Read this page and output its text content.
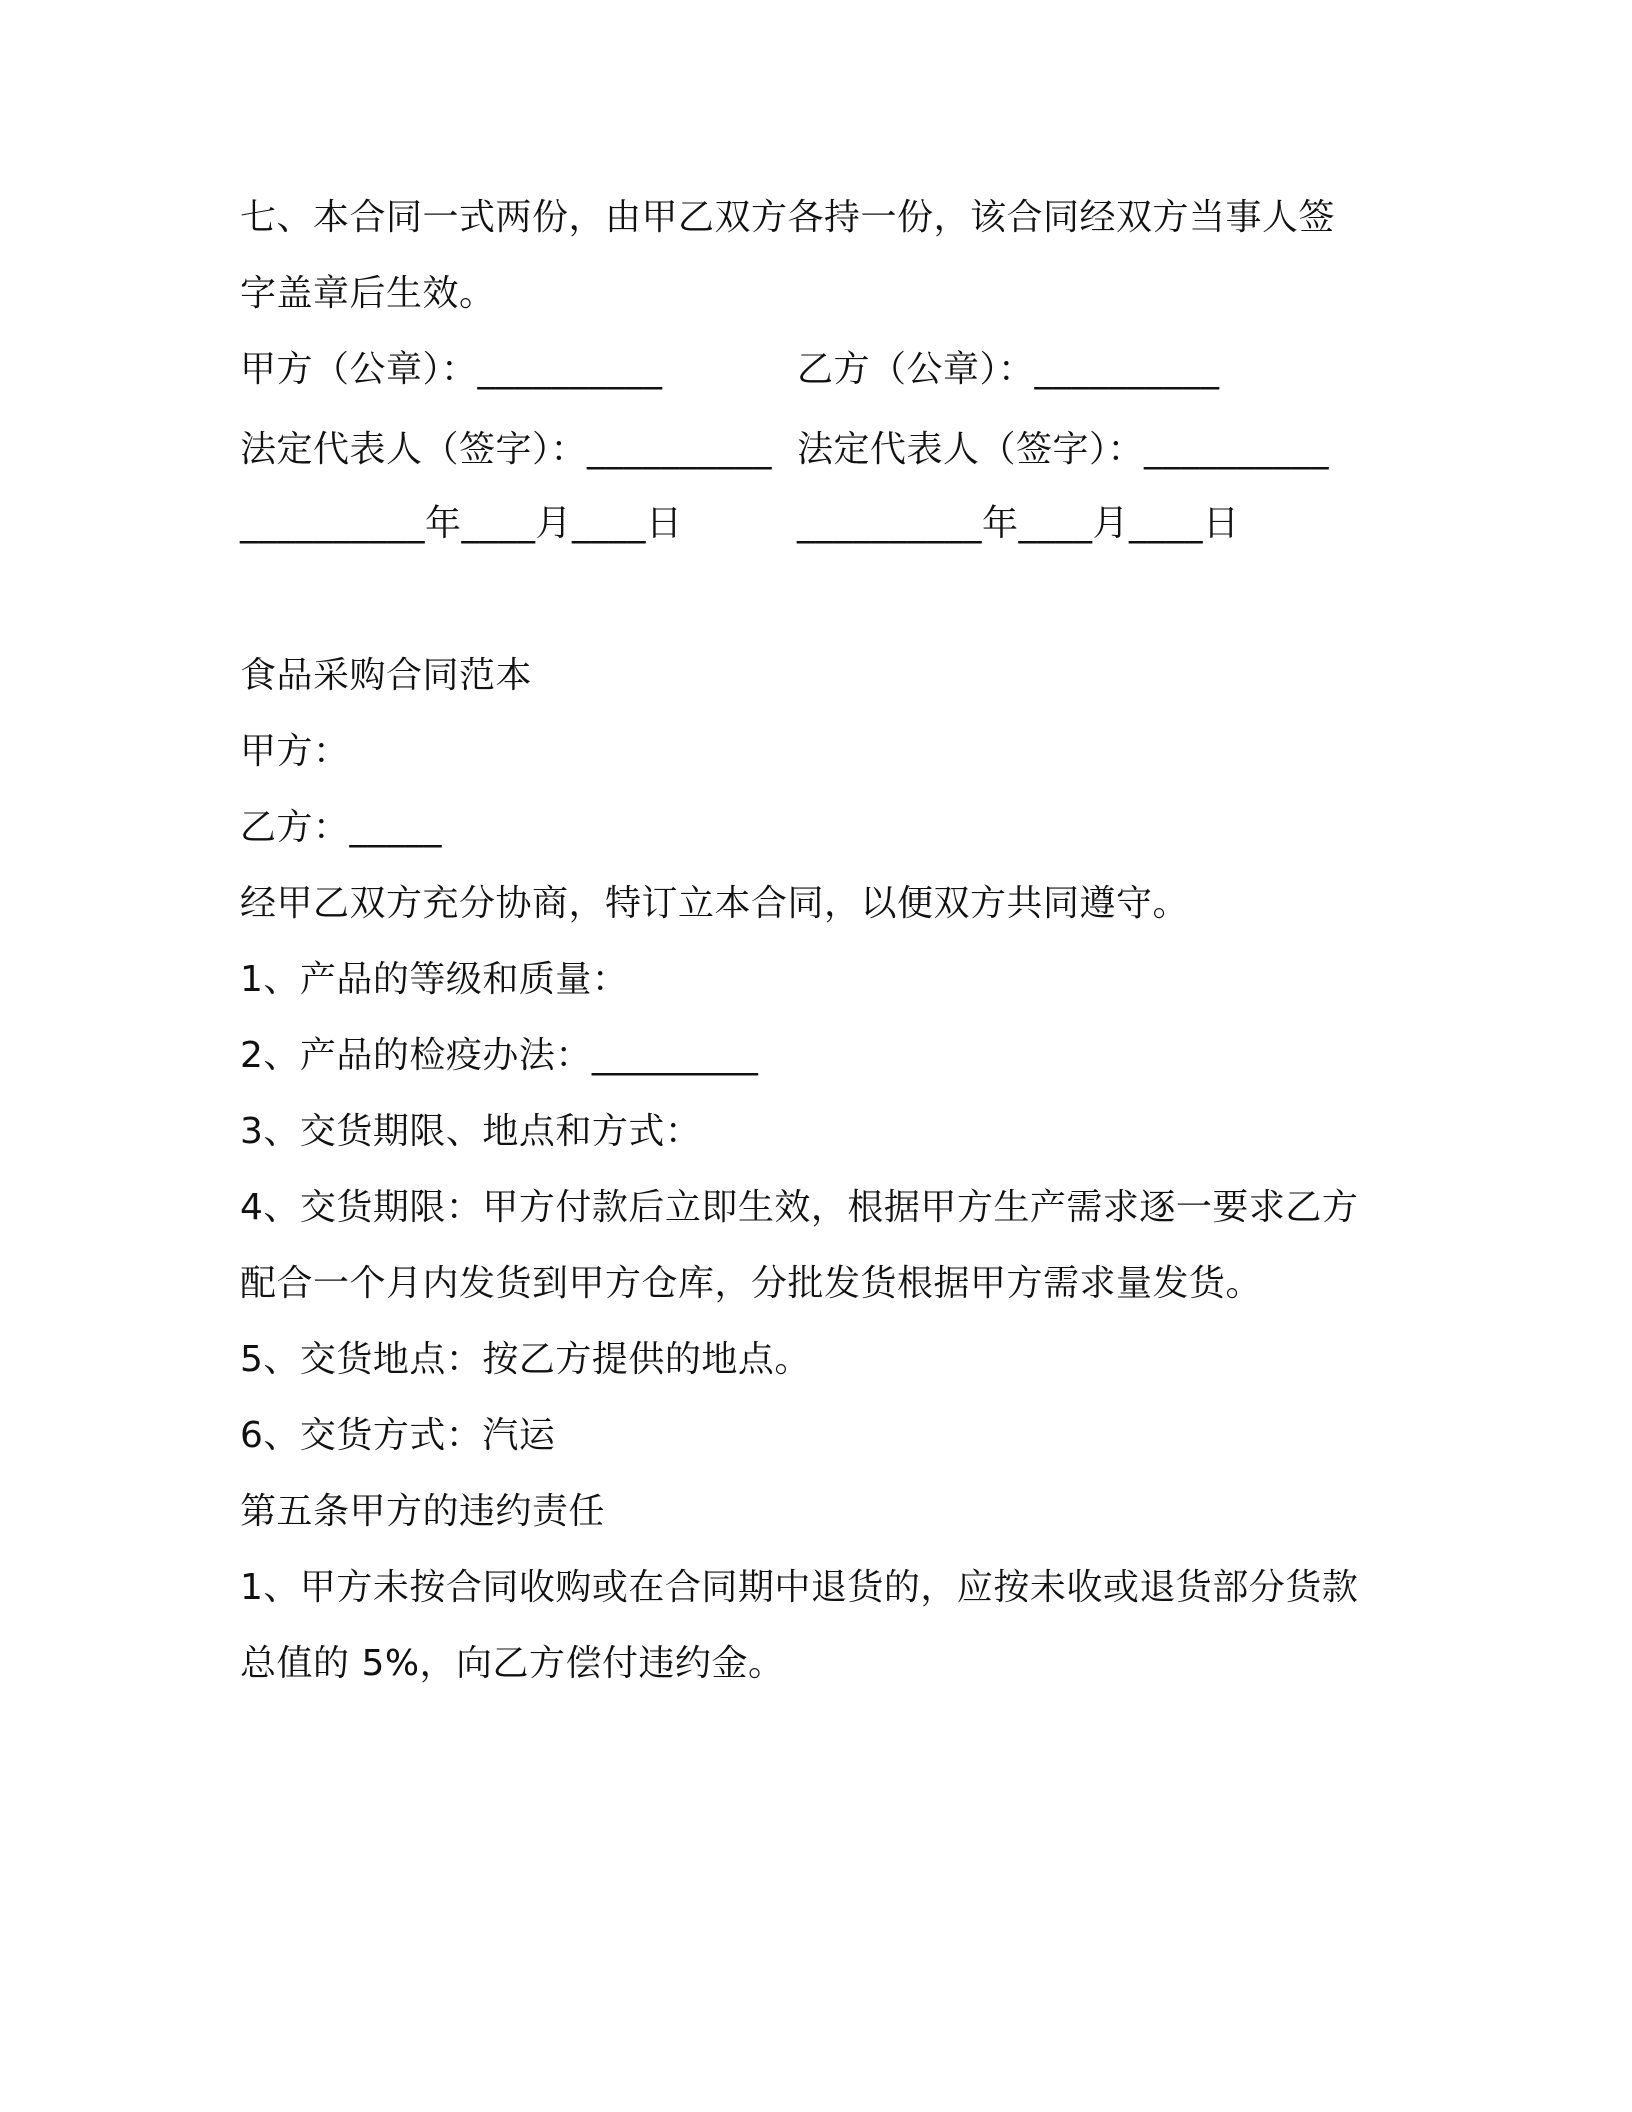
七、本合同一式两份，由甲乙双方各持一份，该合同经双方当事人签
字盖章后生效。
甲方（公章）：__________	乙方（公章）：__________
法定代表人（签字）：__________ 法定代表人（签字）：__________
__________年____月____日	__________年____月____日
食品采购合同范本
甲方：
乙方：_____
经甲乙双方充分协商，特订立本合同，以便双方共同遵守。
1、产品的等级和质量：
2、产品的检疫办法：_________
3、交货期限、地点和方式：
4、交货期限：甲方付款后立即生效，根据甲方生产需求逐一要求乙方
配合一个月内发货到甲方仓库，分批发货根据甲方需求量发货。
5、交货地点：按乙方提供的地点。
6、交货方式：汽运
第五条甲方的违约责任
1、甲方未按合同收购或在合同期中退货的，应按未收或退货部分货款
总值的 5%，向乙方偿付违约金。
